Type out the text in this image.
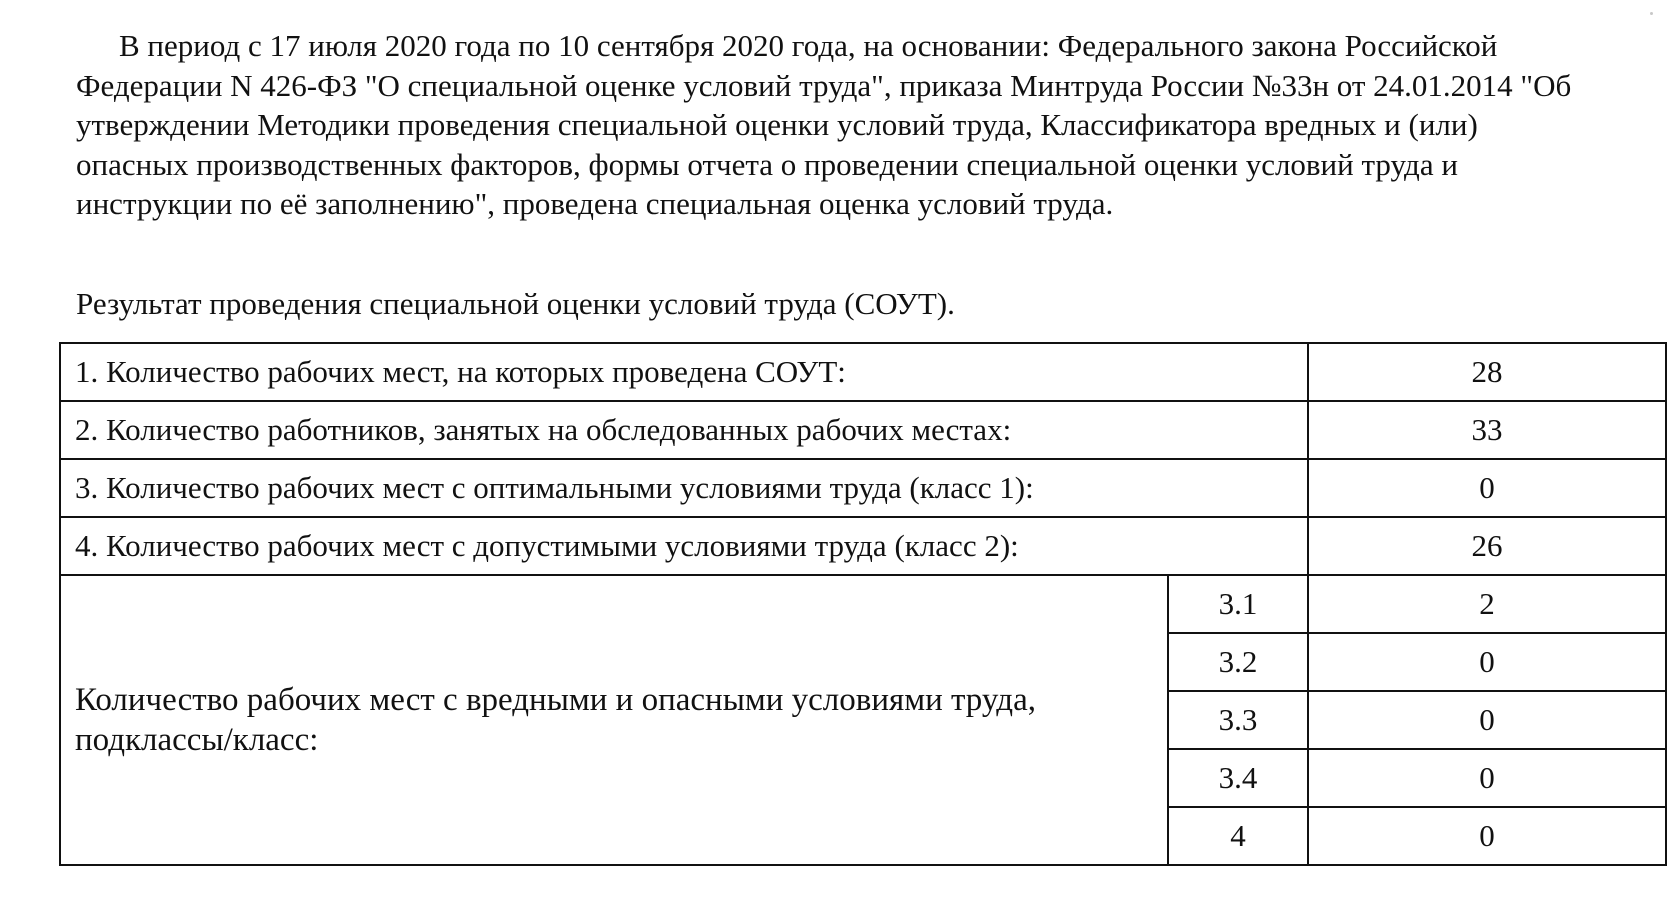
В период с 17 июля 2020 года по 10 сентября 2020 года, на основании: Федерального закона Российской Федерации N 426-ФЗ "О специальной оценке условий труда", приказа Минтруда России №33н от 24.01.2014 "Об утверждении Методики проведения специальной оценки условий труда, Классификатора вредных и (или) опасных производственных факторов, формы отчета о проведении специальной оценки условий труда и инструкции по её заполнению", проведена специальная оценка условий труда.

Результат проведения специальной оценки условий труда (СОУТ).

1. Количество рабочих мест, на которых проведена СОУТ:		28
2. Количество работников, занятых на обследованных рабочих местах:		33
3. Количество рабочих мест с оптимальными условиями труда (класс 1):		0
4. Количество рабочих мест с допустимыми условиями труда (класс 2):		26
Количество рабочих мест с вредными и опасными условиями труда, подклассы/класс:	3.1	2
	3.2	0
	3.3	0
	3.4	0
	4	0
